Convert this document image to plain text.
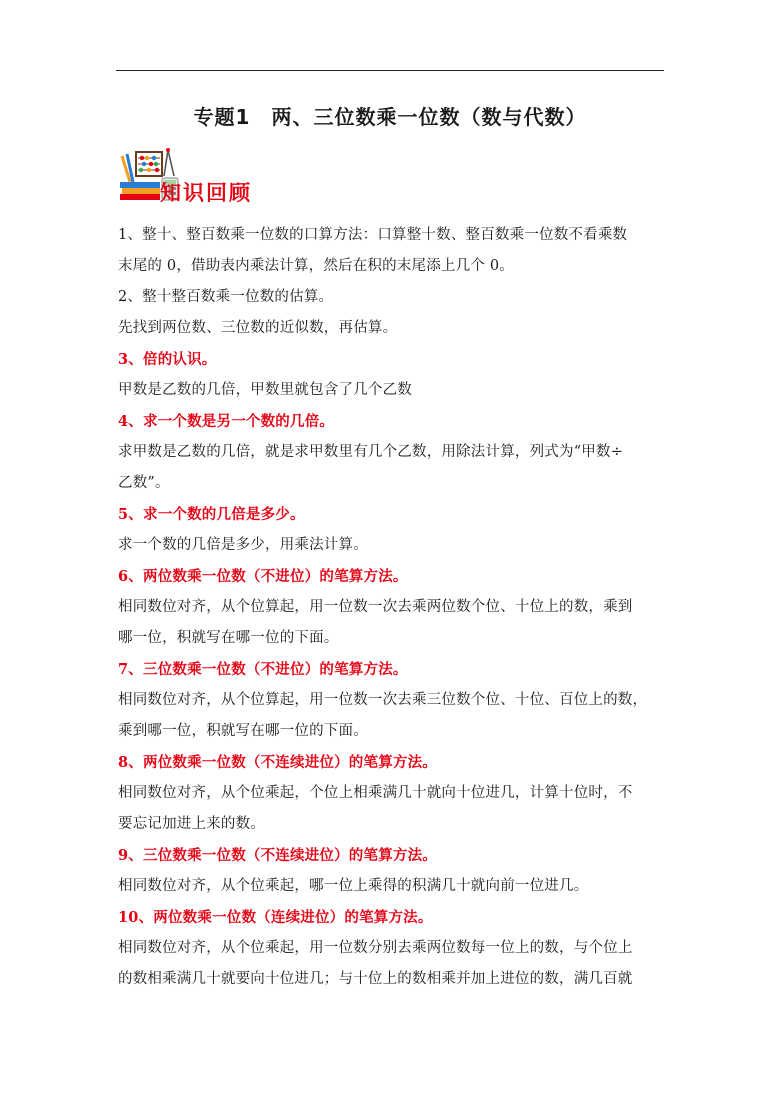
专题1　两、三位数乘一位数（数与代数）
知识回顾
1、整十、整百数乘一位数的口算方法：口算整十数、整百数乘一位数不看乘数
末尾的 0，借助表内乘法计算，然后在积的末尾添上几个 0。
2、整十整百数乘一位数的估算。
先找到两位数、三位数的近似数，再估算。
3、倍的认识。
甲数是乙数的几倍，甲数里就包含了几个乙数
4、求一个数是另一个数的几倍。
求甲数是乙数的几倍，就是求甲数里有几个乙数，用除法计算，列式为“甲数÷
乙数”。
5、求一个数的几倍是多少。
求一个数的几倍是多少，用乘法计算。
6、两位数乘一位数（不进位）的笔算方法。
相同数位对齐，从个位算起，用一位数一次去乘两位数个位、十位上的数，乘到
哪一位，积就写在哪一位的下面。
7、三位数乘一位数（不进位）的笔算方法。
相同数位对齐，从个位算起，用一位数一次去乘三位数个位、十位、百位上的数，
乘到哪一位，积就写在哪一位的下面。
8、两位数乘一位数（不连续进位）的笔算方法。
相同数位对齐，从个位乘起，个位上相乘满几十就向十位进几，计算十位时，不
要忘记加进上来的数。
9、三位数乘一位数（不连续进位）的笔算方法。
相同数位对齐，从个位乘起，哪一位上乘得的积满几十就向前一位进几。
10、两位数乘一位数（连续进位）的笔算方法。
相同数位对齐，从个位乘起，用一位数分别去乘两位数每一位上的数，与个位上
的数相乘满几十就要向十位进几；与十位上的数相乘并加上进位的数，满几百就
